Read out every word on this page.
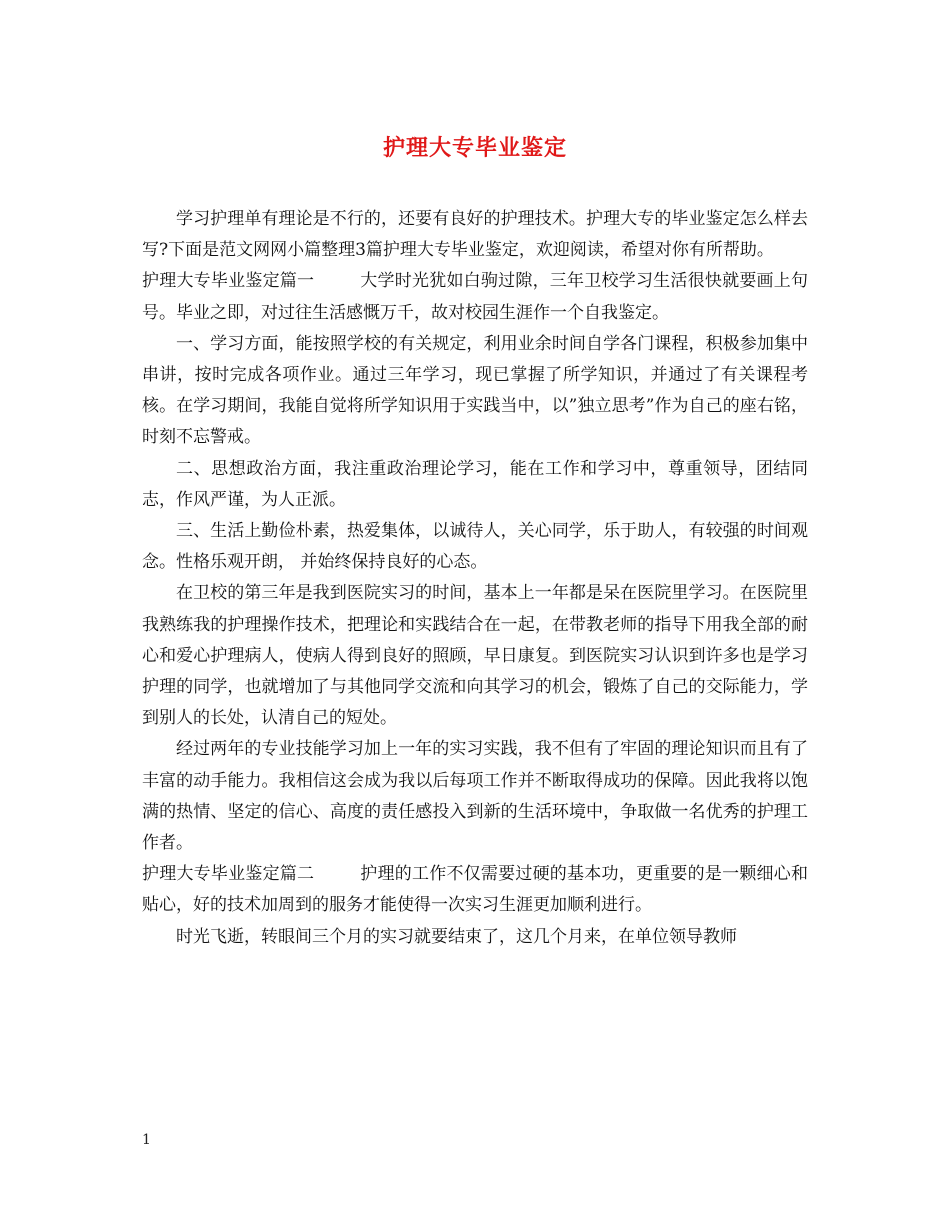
护理大专毕业鉴定

学习护理单有理论是不行的，还要有良好的护理技术。护理大专的毕业鉴定怎么样去写?下面是范文网网小篇整理3篇护理大专毕业鉴定，欢迎阅读，希望对你有所帮助。

护理大专毕业鉴定篇一	大学时光犹如白驹过隙，三年卫校学习生活很快就要画上句号。毕业之即，对过往生活感慨万千，故对校园生涯作一个自我鉴定。

一、学习方面，能按照学校的有关规定，利用业余时间自学各门课程，积极参加集中串讲，按时完成各项作业。通过三年学习，现已掌握了所学知识，并通过了有关课程考核。在学习期间，我能自觉将所学知识用于实践当中，以”独立思考”作为自己的座右铭，时刻不忘警戒。

二、思想政治方面，我注重政治理论学习，能在工作和学习中，尊重领导，团结同志，作风严谨，为人正派。

三、生活上勤俭朴素，热爱集体，以诚待人，关心同学，乐于助人，有较强的时间观念。性格乐观开朗， 并始终保持良好的心态。

在卫校的第三年是我到医院实习的时间，基本上一年都是呆在医院里学习。在医院里我熟练我的护理操作技术，把理论和实践结合在一起，在带教老师的指导下用我全部的耐心和爱心护理病人，使病人得到良好的照顾，早日康复。到医院实习认识到许多也是学习护理的同学，也就增加了与其他同学交流和向其学习的机会，锻炼了自己的交际能力，学到别人的长处，认清自己的短处。

经过两年的专业技能学习加上一年的实习实践，我不但有了牢固的理论知识而且有了丰富的动手能力。我相信这会成为我以后每项工作并不断取得成功的保障。因此我将以饱满的热情、坚定的信心、高度的责任感投入到新的生活环境中，争取做一名优秀的护理工作者。

护理大专毕业鉴定篇二	护理的工作不仅需要过硬的基本功，更重要的是一颗细心和贴心，好的技术加周到的服务才能使得一次实习生涯更加顺利进行。

时光飞逝，转眼间三个月的实习就要结束了，这几个月来，在单位领导教师

1
